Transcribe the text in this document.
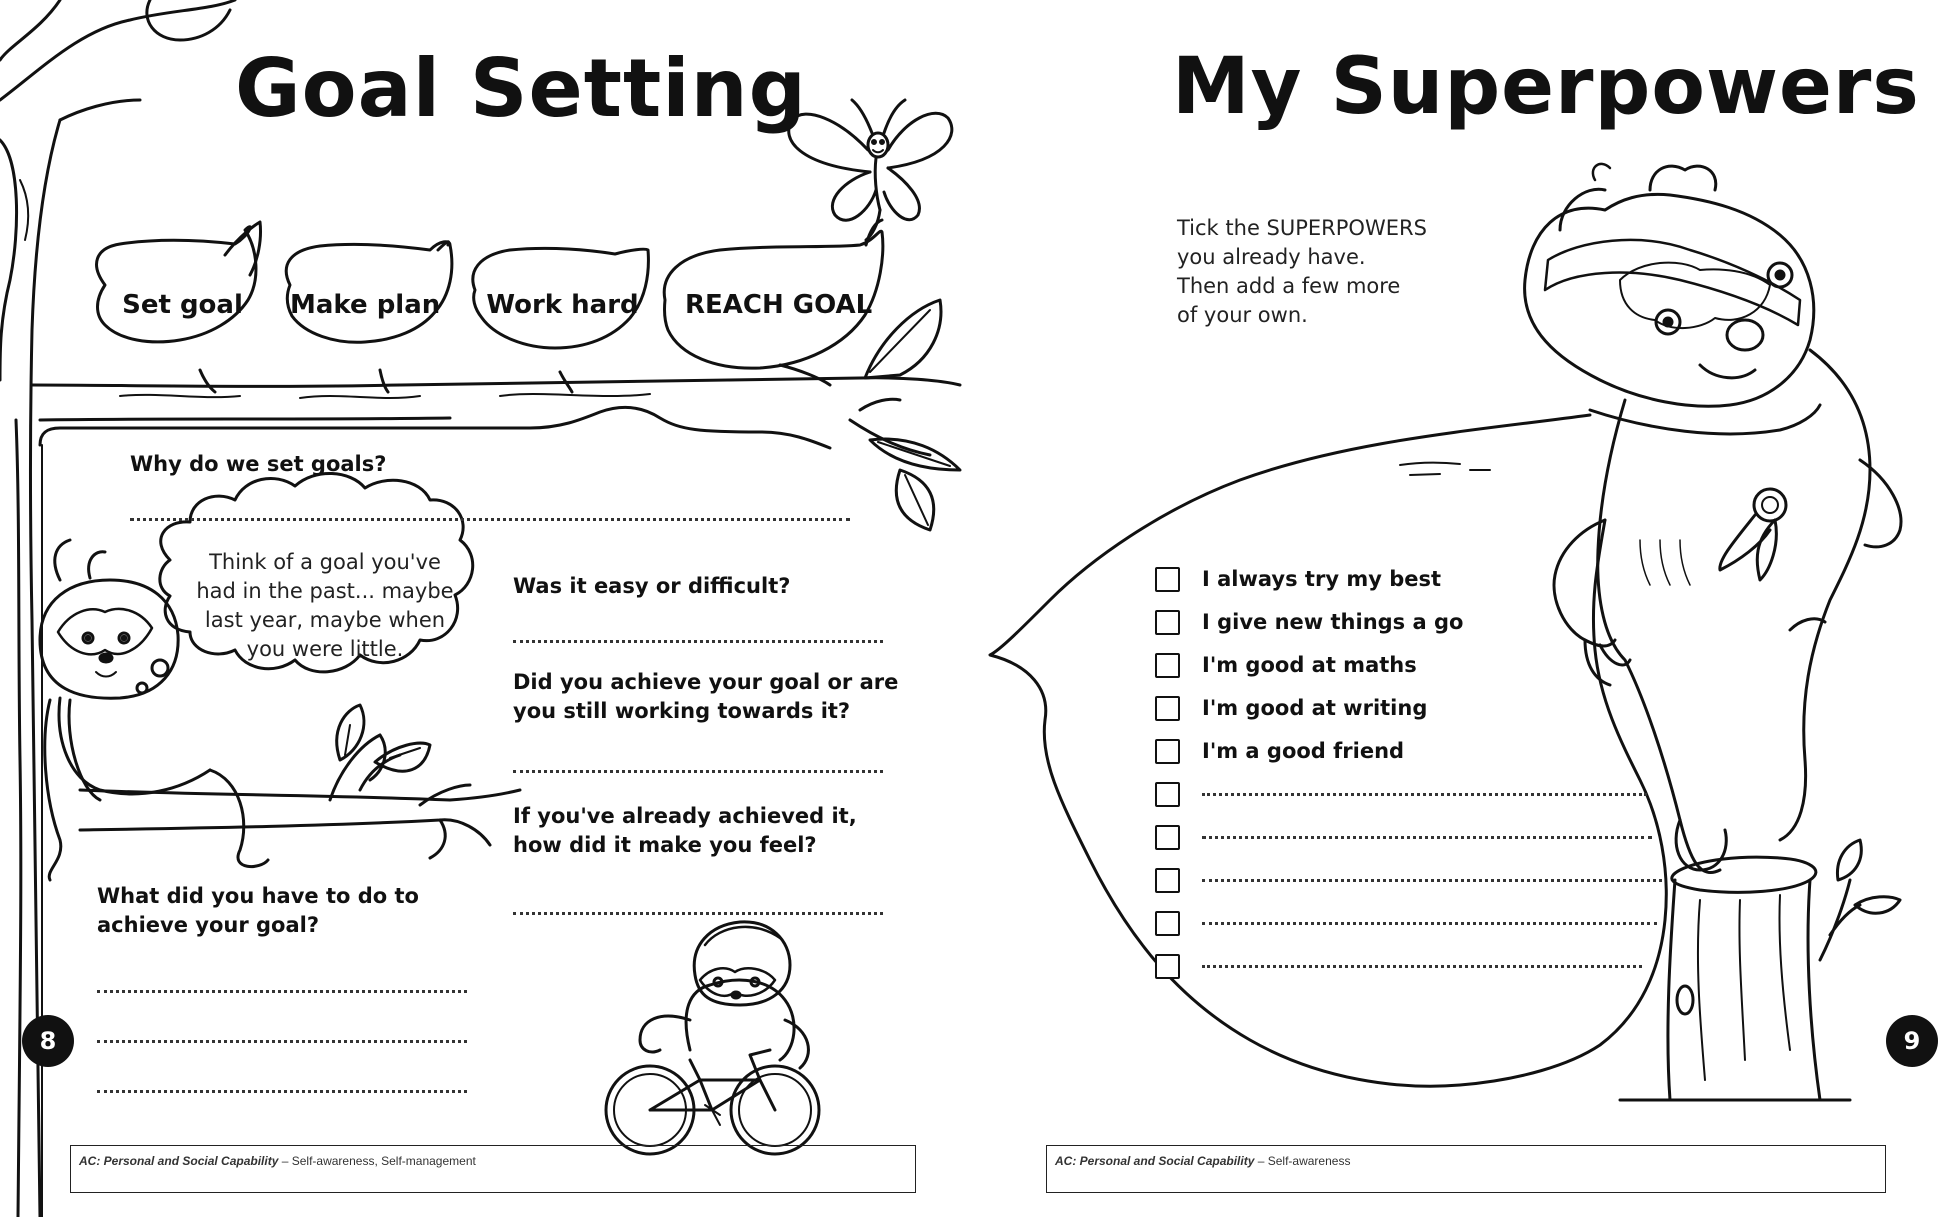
Goal Setting
Set goal	Make plan Work hard REACH GOAL
Why do we set goals?
Think of a goal you've
had in the past... maybe
last year, maybe when
you were little.
Was it easy or difficult?
Did you achieve your goal or are
you still working towards it?
If you've already achieved it,
how did it make you feel?
What did you have to do to
achieve your goal?
8
AC: Personal and Social Capability – Self-awareness, Self-management
My Superpowers
Tick the SUPERPOWERS
you already have.
Then add a few more
of your own.
I always try my best
I give new things a go
I'm good at maths
I'm good at writing
I'm a good friend
9
AC: Personal and Social Capability – Self-awareness
